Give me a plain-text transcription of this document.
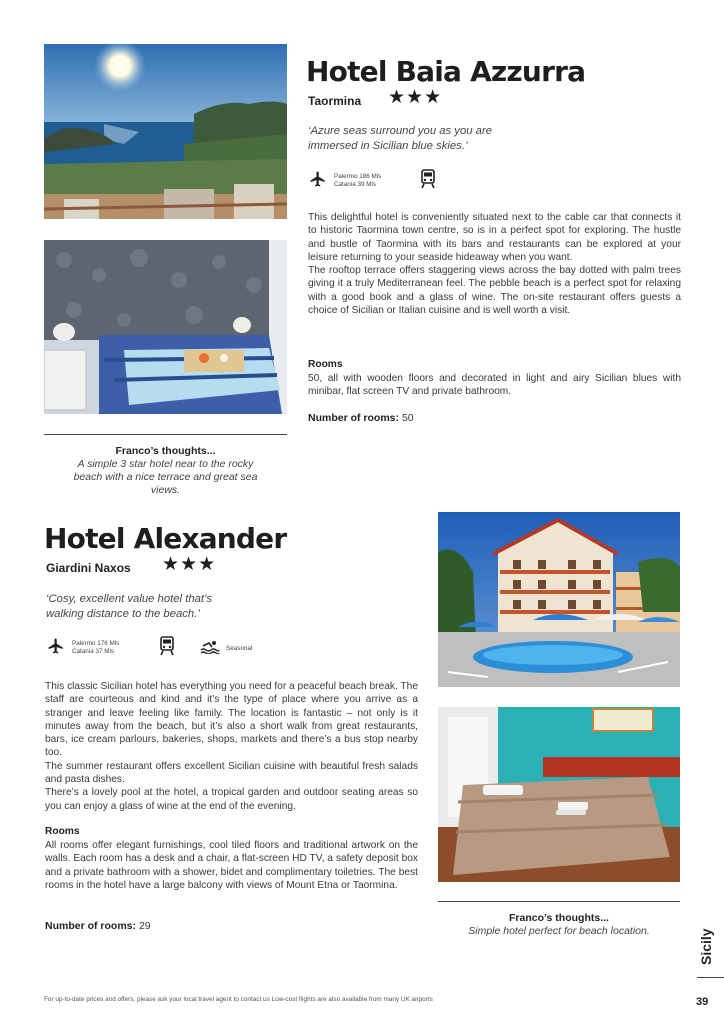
Hotel Baia Azzurra
Taormina ★★★
‘Azure seas surround you as you are immersed in Sicilian blue skies.’
Palermo 186 Mls
Catania 39 Mls

This delightful hotel is conveniently situated next to the cable car that connects it to historic Taormina town centre, so is in a perfect spot for exploring. The hustle and bustle of Taormina with its bars and restaurants can be explored at your leisure returning to your seaside hideaway when you want.

The rooftop terrace offers staggering views across the bay dotted with palm trees giving it a truly Mediterranean feel. The pebble beach is a perfect spot for relaxing with a good book and a glass of wine. The on-site restaurant offers guests a choice of Sicilian or Italian cuisine and is well worth a visit.

Rooms
50, all with wooden floors and decorated in light and airy Sicilian blues with minibar, flat screen TV and private bathroom.
Number of rooms: 50
Franco’s thoughts...
A simple 3 star hotel near to the rocky beach with a nice terrace and great sea views.
Hotel Alexander
Giardini Naxos ★★★
‘Cosy, excellent value hotel that’s walking distance to the beach.’
Palermo 176 Mls
Catania 37 Mls	Seasonal

This classic Sicilian hotel has everything you need for a peaceful beach break. The staff are courteous and kind and it’s the type of place where you arrive as a stranger and leave feeling like family. The location is fantastic – not only is it minutes away from the beach, but it’s also a short walk from great restaurants, bars, ice cream parlours, bakeries, shops, markets and there’s a bus stop nearby too.

The summer restaurant offers excellent Sicilian cuisine with beautiful fresh salads and pasta dishes.

There’s a lovely pool at the hotel, a tropical garden and outdoor seating areas so you can enjoy a glass of wine at the end of the evening.

Rooms
All rooms offer elegant furnishings, cool tiled floors and traditional artwork on the walls. Each room has a desk and a chair, a flat-screen HD TV, a safety deposit box and a private bathroom with a shower, bidet and complimentary toiletries. The best rooms in the hotel have a large balcony with views of Mount Etna or Taormina.
Number of rooms: 29
Franco’s thoughts...
Simple hotel perfect for beach location.	Sicily
For up-to-date prices and offers, please ask your local travel agent to contact us Low-cost flights are also available from many UK airports	39
